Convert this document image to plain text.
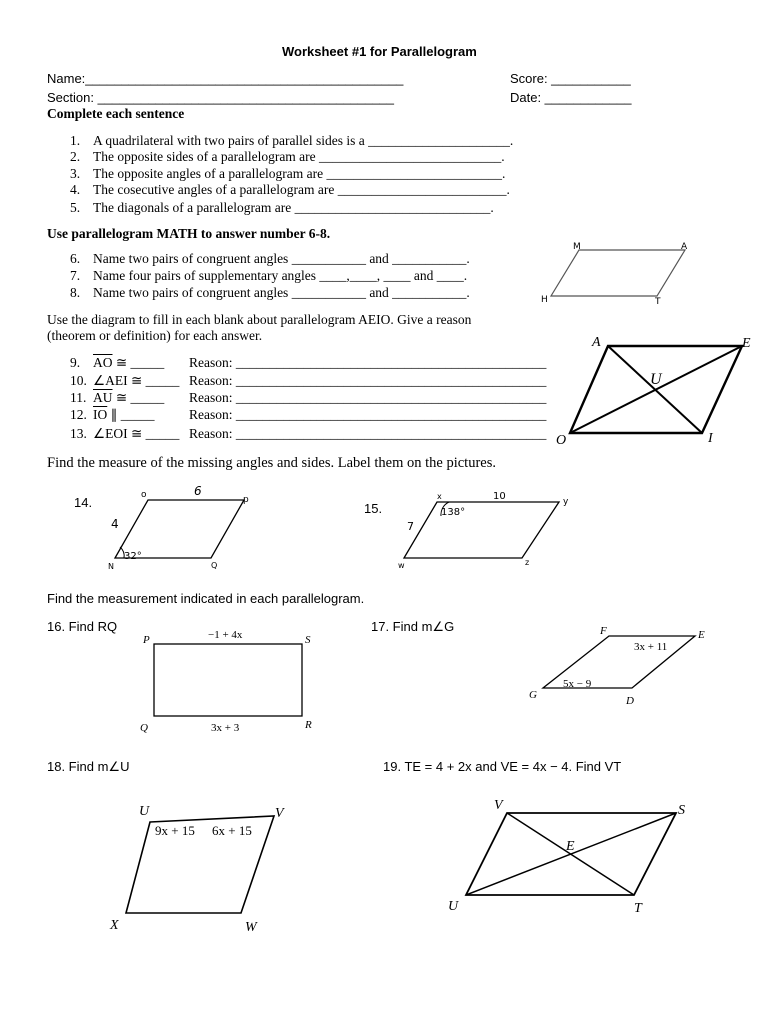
Worksheet #1 for Parallelogram
Name:____________________________________________
Section: _________________________________________
Score: ___________
Date: ____________
Complete each sentence
1. A quadrilateral with two pairs of parallel sides is a _____________________.
2. The opposite sides of a parallelogram are ___________________________.
3. The opposite angles of a parallelogram are __________________________.
4. The cosecutive angles of a parallelogram are _________________________.
5. The diagonals of a parallelogram are _____________________________.
Use parallelogram MATH to answer number 6-8.
6. Name two pairs of congruent angles ___________ and ___________.
7. Name four pairs of supplementary angles ____,____, ____ and ____.
8. Name two pairs of congruent angles ___________ and ___________.
M	A
H	T
Use the diagram to fill in each blank about parallelogram AEIO. Give a reason
(theorem or definition) for each answer.
9. $\overline{AO}$ ≅ _____ Reason: ______________________________________________
10. ∠AEI ≅ _____ Reason: ______________________________________________
11. $\overline{AU}$ ≅ _____ Reason: ______________________________________________
12. $\overline{IO}$ ∥ _____	Reason: ______________________________________________
13. ∠EOI ≅ _____ Reason: ______________________________________________
A	E
U
O	I
Find the measure of the missing angles and sides. Label them on the pictures.
14.	o	p
N	Q
6
4
32°
15.
x
y
w	z
10
7
138°
Find the measurement indicated in each parallelogram.
16. Find RQ
P	S
Q	R
−1 + 4x
3x + 3
17. Find m∠G	F	E
G	D
3x + 11
5x − 9
18. Find m∠U
U	V
X	W
9x + 15 6x + 15
19. TE = 4 + 2x and VE = 4x − 4. Find VT
V	S
E
U	T
